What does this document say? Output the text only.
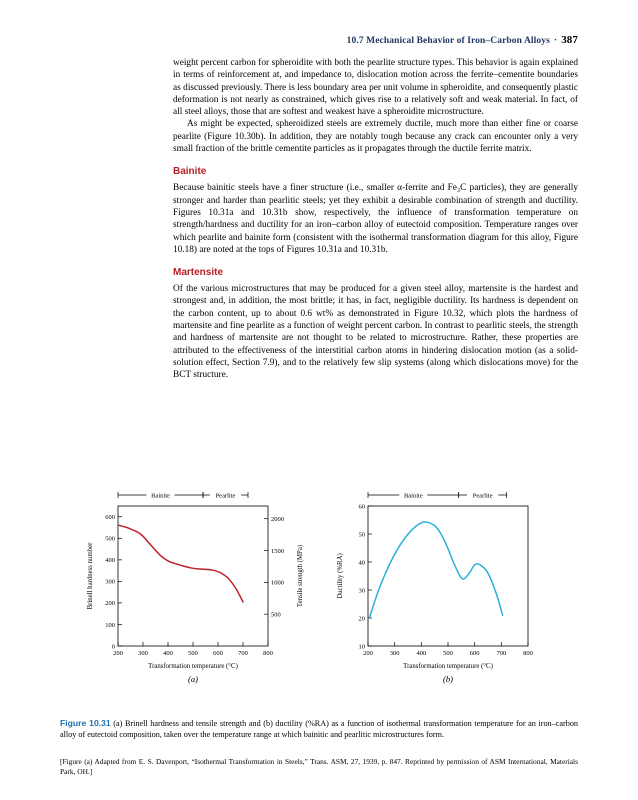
10.7 Mechanical Behavior of Iron–Carbon Alloys · 387

weight percent carbon for spheroidite with both the pearlite structure types. This behavior is again explained in terms of reinforcement at, and impedance to, dislocation motion across the ferrite–cementite boundaries as discussed previously. There is less boundary area per unit volume in spheroidite, and consequently plastic deformation is not nearly as constrained, which gives rise to a relatively soft and weak material. In fact, of all steel alloys, those that are softest and weakest have a spheroidite microstructure.

As might be expected, spheroidized steels are extremely ductile, much more than either fine or coarse pearlite (Figure 10.30b). In addition, they are notably tough because any crack can encounter only a very small fraction of the brittle cementite particles as it propagates through the ductile ferrite matrix.

Bainite

Because bainitic steels have a finer structure (i.e., smaller α-ferrite and Fe₃C particles), they are generally stronger and harder than pearlitic steels; yet they exhibit a desirable combination of strength and ductility. Figures 10.31a and 10.31b show, respectively, the influence of transformation temperature on strength/hardness and ductility for an iron–carbon alloy of eutectoid composition. Temperature ranges over which pearlite and bainite form (consistent with the isothermal transformation diagram for this alloy, Figure 10.18) are noted at the tops of Figures 10.31a and 10.31b.

Martensite

Of the various microstructures that may be produced for a given steel alloy, martensite is the hardest and strongest and, in addition, the most brittle; it has, in fact, negligible ductility. Its hardness is dependent on the carbon content, up to about 0.6 wt% as demonstrated in Figure 10.32, which plots the hardness of martensite and fine pearlite as a function of weight percent carbon. In contrast to pearlitic steels, the strength and hardness of martensite are not thought to be related to microstructure. Rather, these properties are attributed to the effectiveness of the interstitial carbon atoms in hindering dislocation motion (as a solid-solution effect, Section 7.9), and to the relatively few slip systems (along which dislocations move) for the BCT structure.

200 300 400 500 600 700 800
0
100
200
300
400
500
600
500
1000
1500
2000
Tensile strength (MPa)
Transformation temperature (°C)
Brinell hardness number
Bainite	Pearlite
(a)
200	300	400	500	600	700	800
10
20
30
40
50
60
Transformation temperature (°C)
Ductility (%RA)
Bainite	Pearlite
(b)
Figure 10.31 (a) Brinell hardness and tensile strength and (b) ductility (%RA) as a function of isothermal transformation temperature for an iron–carbon alloy of eutectoid composition, taken over the temperature range at which bainitic and pearlitic microstructures form.
[Figure (a) Adapted from E. S. Davenport, “Isothermal Transformation in Steels,” Trans. ASM, 27, 1939, p. 847. Reprinted by permission of ASM International, Materials Park, OH.]
